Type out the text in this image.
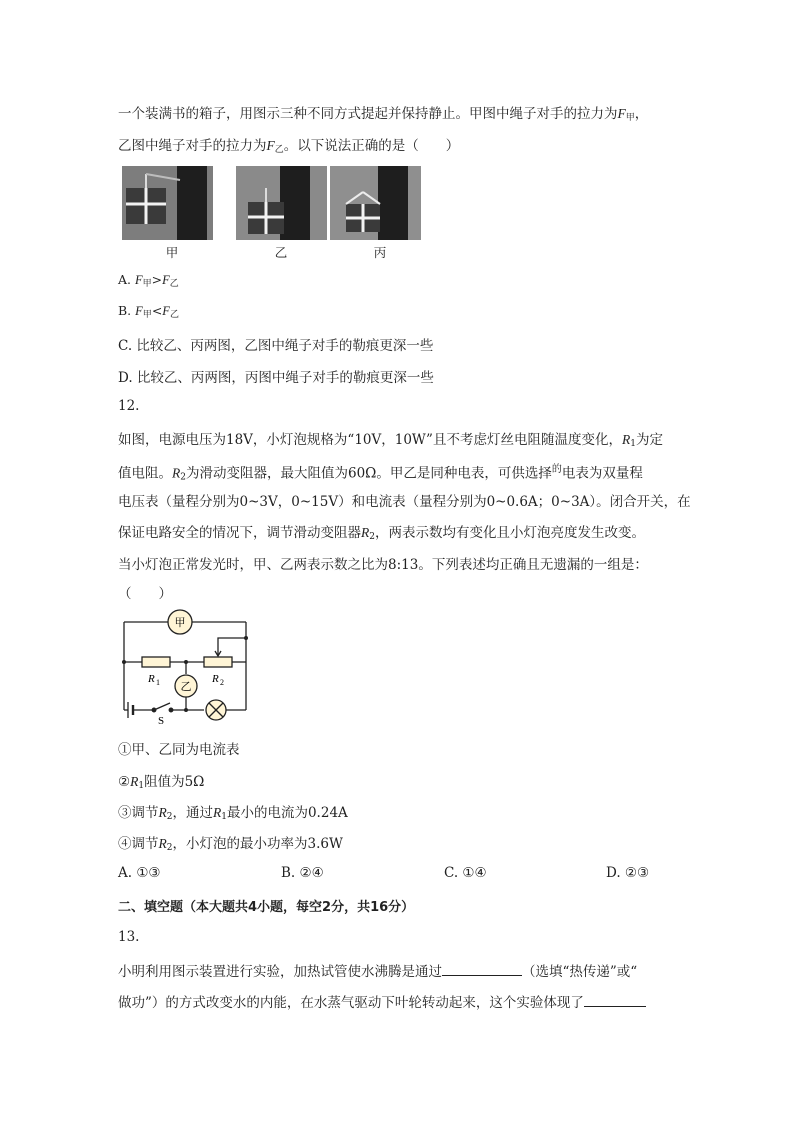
一个装满书的箱子，用图示三种不同方式提起并保持静止。甲图中绳子对手的拉力为$F_甲$，
乙图中绳子对手的拉力为$F_乙$。以下说法正确的是（　　）
甲	乙	丙
A. $F_甲>F_乙$
B. $F_甲<F_乙$
C. 比较乙、丙两图，乙图中绳子对手的勒痕更深一些
D. 比较乙、丙两图，丙图中绳子对手的勒痕更深一些
12.
如图，电源电压为18V，小灯泡规格为“10V，10W”且不考虑灯丝电阻随温度变化，$R_1$为定
值电阻。$R_2$为滑动变阻器，最大阻值为60Ω。甲乙是同种电表，可供选择$^的$电表为双量程
电压表（量程分别为0~3V，0~15V）和电流表（量程分别为0~0.6A；0~3A）。闭合开关，在
保证电路安全的情况下，调节滑动变阻器$R_2$，两表示数均有变化且小灯泡亮度发生改变。
当小灯泡正常发光时，甲、乙两表示数之比为8:13。下列表述均正确且无遗漏的一组是：
（　　）
甲
乙
R 1	R 2
S
①甲、乙同为电流表
$②R_1$阻值为5Ω
③调节$R_2$，通过$R_1$最小的电流为0.24A
④调节$R_2$，小灯泡的最小功率为3.6W
A. ①③	B. ②④	C. ①④	D. ②③
二、填空题（本大题共4小题，每空2分，共16分）
13.
小明利用图示装置进行实验，加热试管使水沸腾是通过	（选填“热传递”或“
做功”）的方式改变水的内能，在水蒸气驱动下叶轮转动起来，这个实验体现了
